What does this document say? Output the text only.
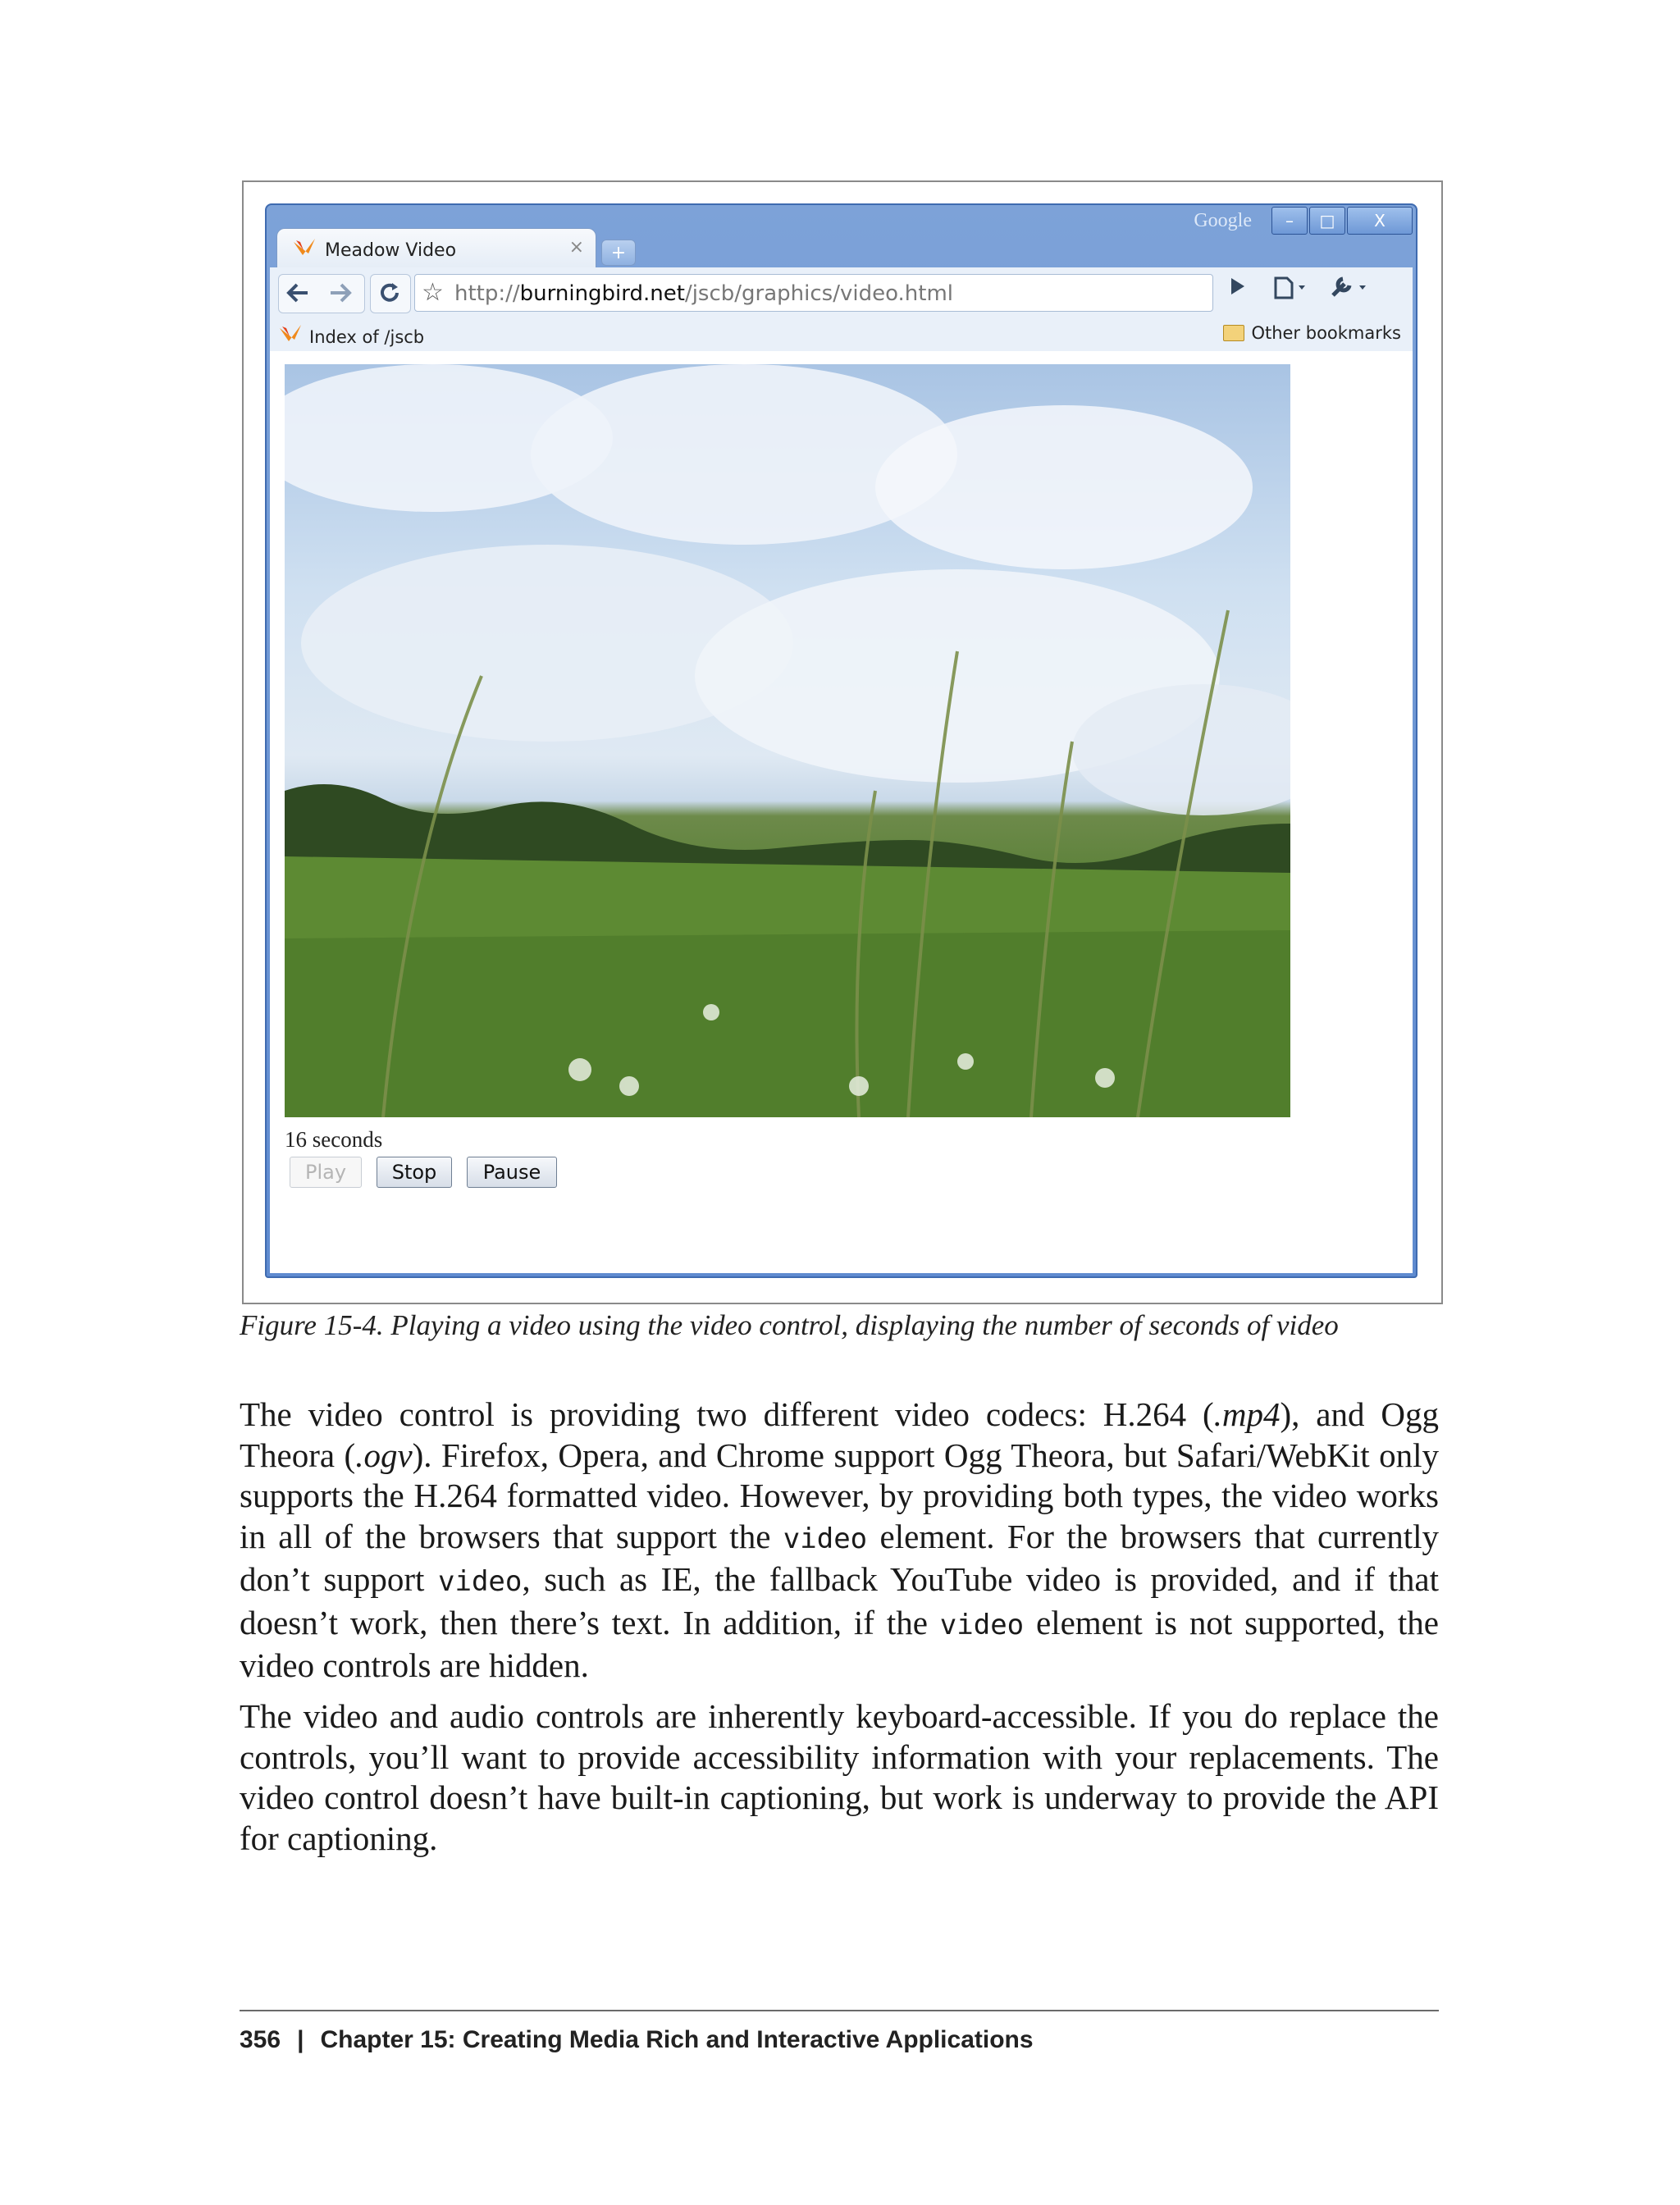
Google	–	□	X
Meadow Video	×	+
☆ http://burningbird.net/jscb/graphics/video.html
Index of /jscb	Other bookmarks
16 seconds
Play	Stop	Pause
Figure 15-4. Playing a video using the video control, displaying the number of seconds of video

The video control is providing two different video codecs: H.264 (.mp4), and Ogg Theora (.ogv). Firefox, Opera, and Chrome support Ogg Theora, but Safari/WebKit only supports the H.264 formatted video. However, by providing both types, the video works in all of the browsers that support the video element. For the browsers that currently don’t support video, such as IE, the fallback YouTube video is provided, and if that doesn’t work, then there’s text. In addition, if the video element is not supported, the video controls are hidden.

The video and audio controls are inherently keyboard-accessible. If you do replace the controls, you’ll want to provide accessibility information with your replacements. The video control doesn’t have built-in captioning, but work is underway to provide the API for captioning.

356 | Chapter 15: Creating Media Rich and Interactive Applications
